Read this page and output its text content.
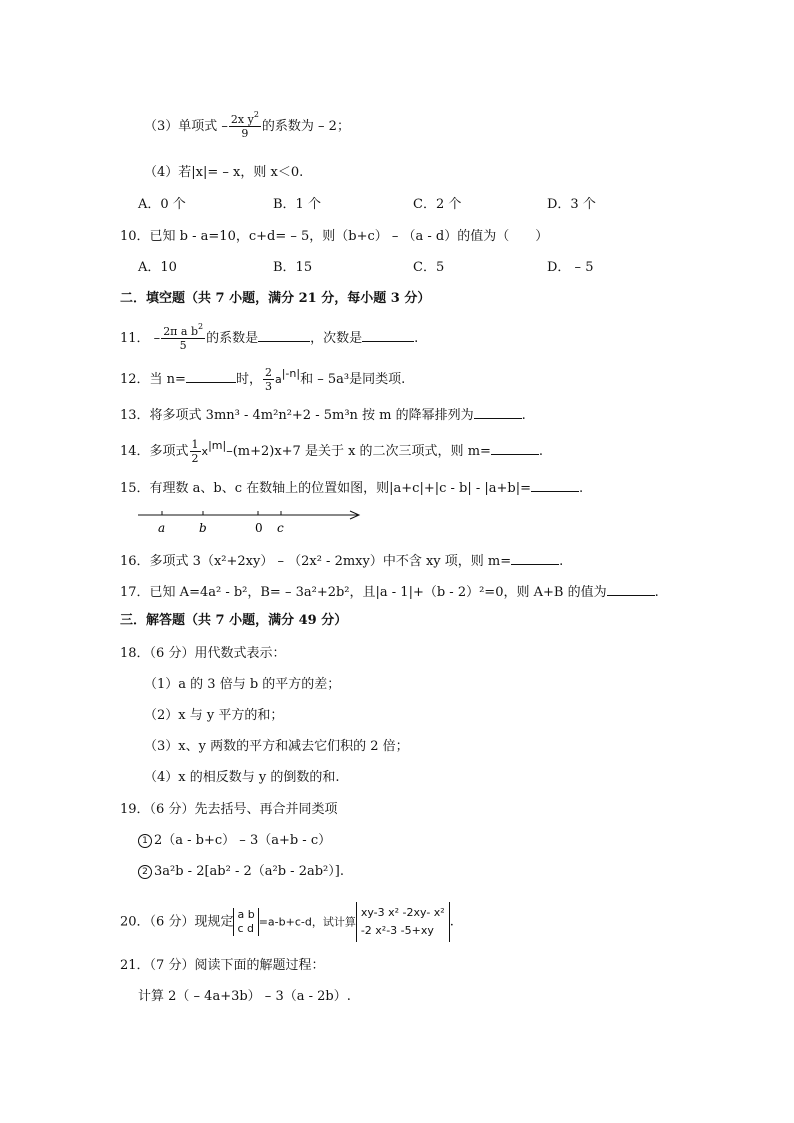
（3）单项式 – $\frac{2x y^2}{9}$ 的系数为 – 2；
（4）若|x|= – x，则 x＜0.
A．0 个	B．1 个	C．2 个	D．3 个
10．已知 b - a=10，c+d= – 5，则（b+c） – （a - d）的值为（　　）
A．10	B．15	C．5	D． – 5
二．填空题（共 7 小题，满分 21 分，每小题 3 分）
11． – $\frac{2\pi a b^2}{5}$ 的系数是	，次数是	.
12．当 n=	时， $\frac{2}{3} a^{|-n|}$和 – 5a³是同类项.
13．将多项式 3mn³ - 4m²n²+2 - 5m³n 按 m 的降幂排列为	.
14．多项式 $\frac{1}{2} x^{|m|}-(m+2)x+7$ 是关于 x 的二次三项式，则 m=	.
15．有理数 a、b、c 在数轴上的位置如图，则|a+c|+|c - b| - |a+b|=	.
a	b	0 c
16．多项式 3（x²+2xy） – （2x² - 2mxy）中不含 xy 项，则 m=	.
17．已知 A=4a² - b²，B= – 3a²+2b²，且|a - 1|+（b - 2）²=0，则 A+B 的值为	.
三．解答题（共 7 小题，满分 49 分）
18．（6 分）用代数式表示：
（1）a 的 3 倍与 b 的平方的差；
（2）x 与 y 平方的和；
（3）x、y 两数的平方和减去它们积的 2 倍；
（4）x 的相反数与 y 的倒数的和.
19．（6 分）先去括号、再合并同类项
1 2（a - b+c） – 3（a+b - c）
2 3a²b - 2[ab² - 2（a²b - 2ab²）].
20．（6 分）现规定 a b
c d =a-b+c-d，试计算
xy-3 x² -2xy- x²
-2 x²-3 -5+xy
.
21．（7 分）阅读下面的解题过程：
计算 2（ – 4a+3b） – 3（a - 2b）.
